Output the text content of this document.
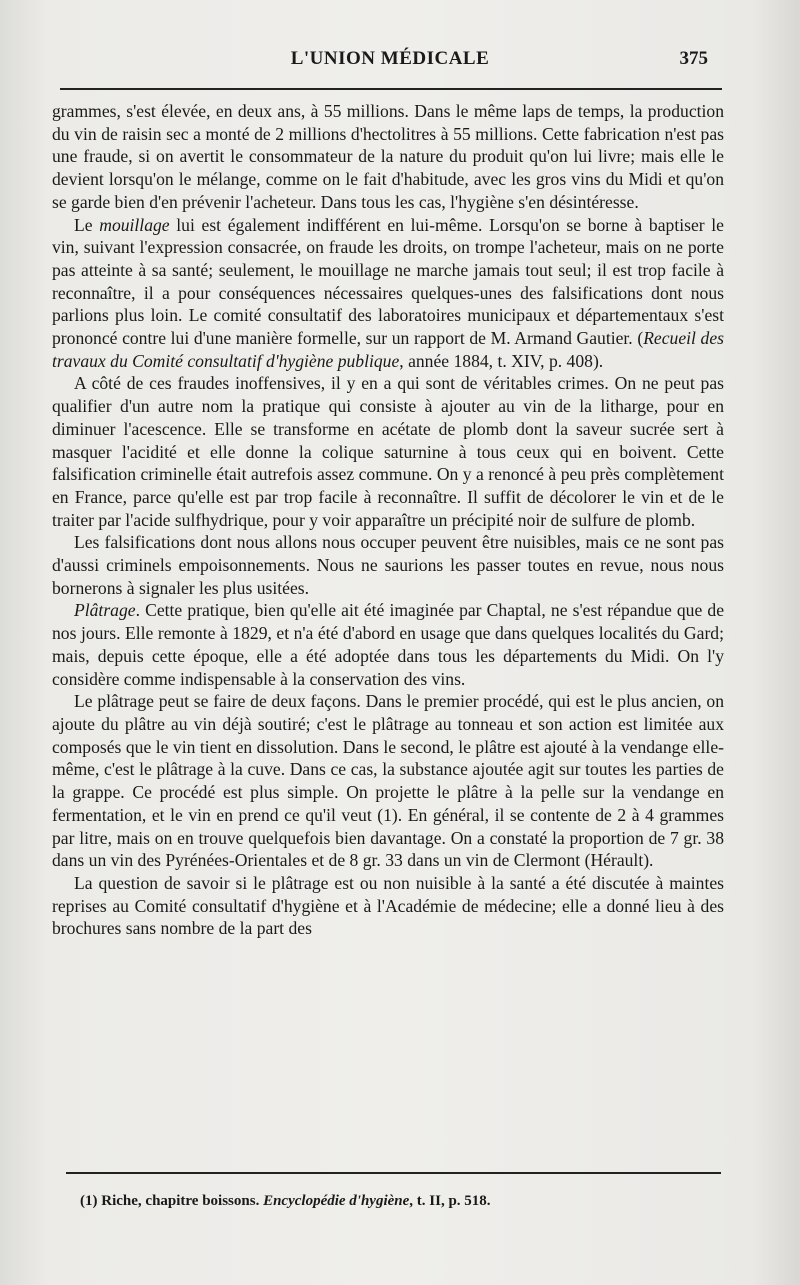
L'UNION MÉDICALE	375

grammes, s'est élevée, en deux ans, à 55 millions. Dans le même laps de temps, la production du vin de raisin sec a monté de 2 millions d'hectolitres à 55 millions. Cette fabrication n'est pas une fraude, si on avertit le consommateur de la nature du produit qu'on lui livre; mais elle le devient lorsqu'on le mélange, comme on le fait d'habitude, avec les gros vins du Midi et qu'on se garde bien d'en prévenir l'acheteur. Dans tous les cas, l'hygiène s'en désintéresse.

Le mouillage lui est également indifférent en lui-même. Lorsqu'on se borne à baptiser le vin, suivant l'expression consacrée, on fraude les droits, on trompe l'acheteur, mais on ne porte pas atteinte à sa santé; seulement, le mouillage ne marche jamais tout seul; il est trop facile à reconnaître, il a pour conséquences nécessaires quelques-unes des falsifications dont nous parlions plus loin. Le comité consultatif des laboratoires municipaux et départementaux s'est prononcé contre lui d'une manière formelle, sur un rapport de M. Armand Gautier. (Recueil des travaux du Comité consultatif d'hygiène publique, année 1884, t. XIV, p. 408).

A côté de ces fraudes inoffensives, il y en a qui sont de véritables crimes. On ne peut pas qualifier d'un autre nom la pratique qui consiste à ajouter au vin de la litharge, pour en diminuer l'acescence. Elle se transforme en acétate de plomb dont la saveur sucrée sert à masquer l'acidité et elle donne la colique saturnine à tous ceux qui en boivent. Cette falsification criminelle était autrefois assez commune. On y a renoncé à peu près complètement en France, parce qu'elle est par trop facile à reconnaître. Il suffit de décolorer le vin et de le traiter par l'acide sulfhydrique, pour y voir apparaître un précipité noir de sulfure de plomb.

Les falsifications dont nous allons nous occuper peuvent être nuisibles, mais ce ne sont pas d'aussi criminels empoisonnements. Nous ne saurions les passer toutes en revue, nous nous bornerons à signaler les plus usitées.

Plâtrage. Cette pratique, bien qu'elle ait été imaginée par Chaptal, ne s'est répandue que de nos jours. Elle remonte à 1829, et n'a été d'abord en usage que dans quelques localités du Gard; mais, depuis cette époque, elle a été adoptée dans tous les départements du Midi. On l'y considère comme indispensable à la conservation des vins.

Le plâtrage peut se faire de deux façons. Dans le premier procédé, qui est le plus ancien, on ajoute du plâtre au vin déjà soutiré; c'est le plâtrage au tonneau et son action est limitée aux composés que le vin tient en dissolution. Dans le second, le plâtre est ajouté à la vendange elle-même, c'est le plâtrage à la cuve. Dans ce cas, la substance ajoutée agit sur toutes les parties de la grappe. Ce procédé est plus simple. On projette le plâtre à la pelle sur la vendange en fermentation, et le vin en prend ce qu'il veut (1). En général, il se contente de 2 à 4 grammes par litre, mais on en trouve quelquefois bien davantage. On a constaté la proportion de 7 gr. 38 dans un vin des Pyrénées-Orientales et de 8 gr. 33 dans un vin de Clermont (Hérault).

La question de savoir si le plâtrage est ou non nuisible à la santé a été discutée à maintes reprises au Comité consultatif d'hygiène et à l'Académie de médecine; elle a donné lieu à des brochures sans nombre de la part des

(1) Riche, chapitre boissons. Encyclopédie d'hygiène, t. II, p. 518.
